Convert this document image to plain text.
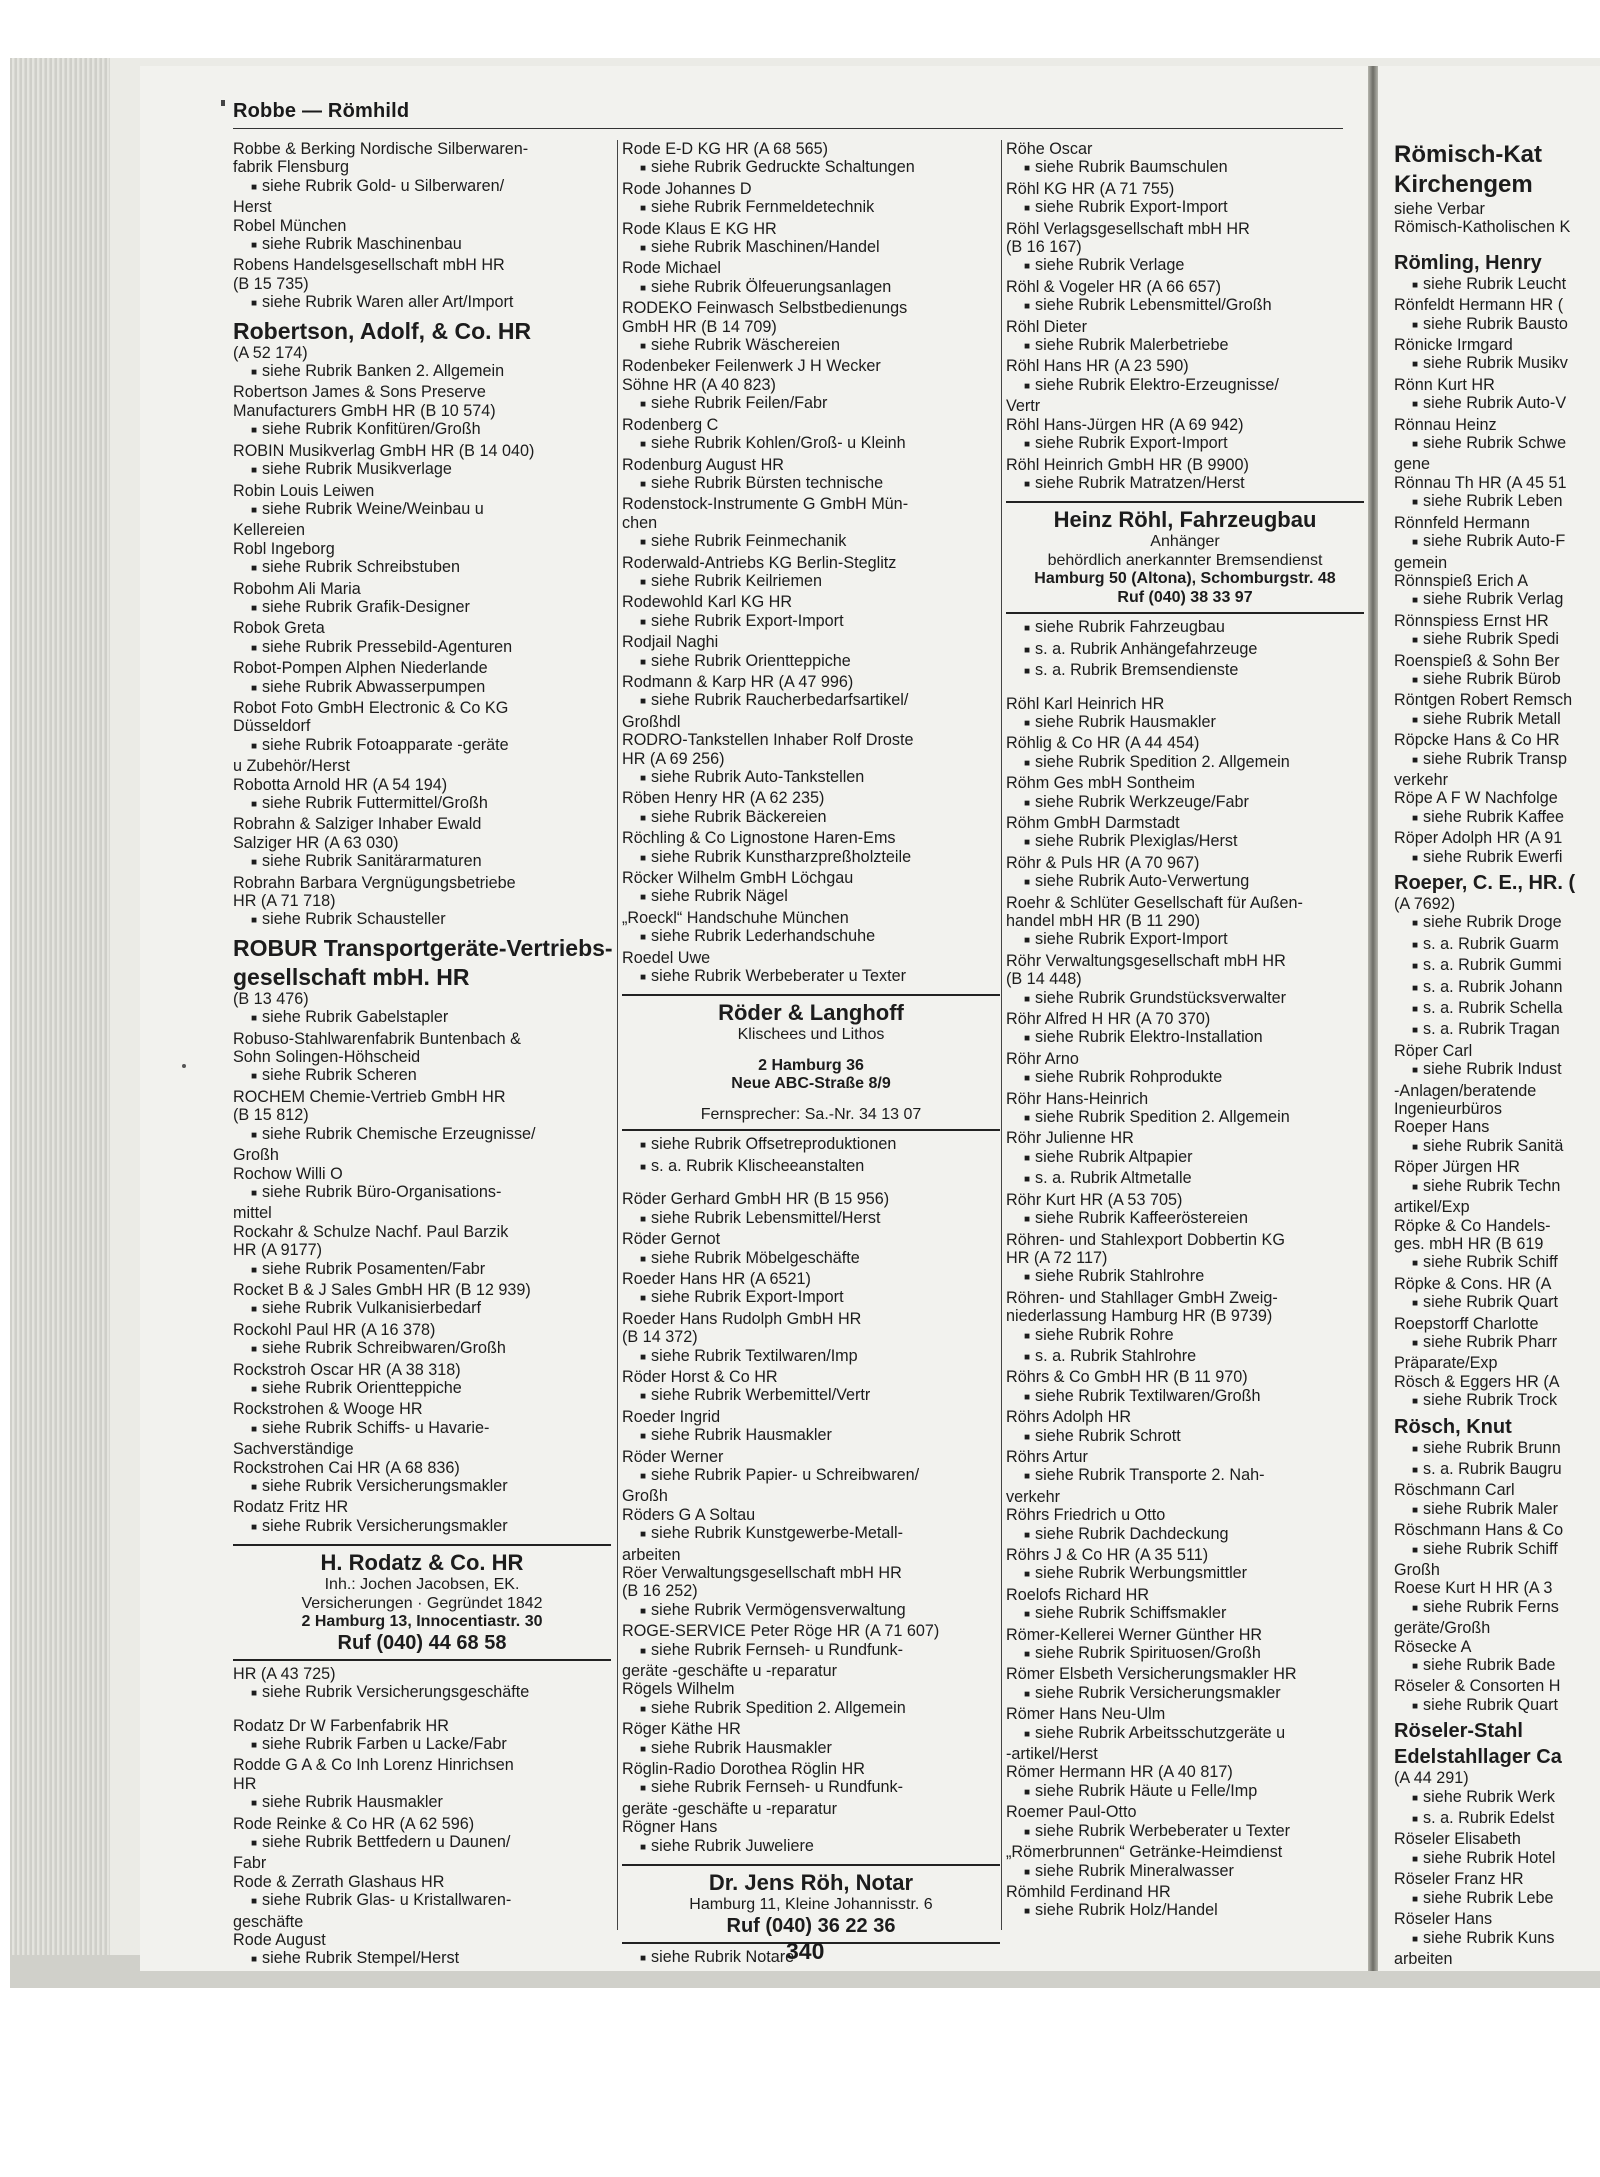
Robbe — Römhild
Robbe & Berking Nordische Silberwaren-
fabrik Flensburg
■ siehe Rubrik Gold- u Silberwaren/
Herst
Robel München
■ siehe Rubrik Maschinenbau
Robens Handelsgesellschaft mbH HR
(B 15 735)
■ siehe Rubrik Waren aller Art/Import
Robertson, Adolf, & Co. HR
(A 52 174)
■ siehe Rubrik Banken 2. Allgemein
Robertson James & Sons Preserve
Manufacturers GmbH HR (B 10 574)
■ siehe Rubrik Konfitüren/Großh
ROBIN Musikverlag GmbH HR (B 14 040)
■ siehe Rubrik Musikverlage
Robin Louis Leiwen
■ siehe Rubrik Weine/Weinbau u
Kellereien
Robl Ingeborg
■ siehe Rubrik Schreibstuben
Robohm Ali Maria
■ siehe Rubrik Grafik-Designer
Robok Greta
■ siehe Rubrik Pressebild-Agenturen
Robot-Pompen Alphen Niederlande
■ siehe Rubrik Abwasserpumpen
Robot Foto GmbH Electronic & Co KG
Düsseldorf
■ siehe Rubrik Fotoapparate -geräte
u Zubehör/Herst
Robotta Arnold HR (A 54 194)
■ siehe Rubrik Futtermittel/Großh
Robrahn & Salziger Inhaber Ewald
Salziger HR (A 63 030)
■ siehe Rubrik Sanitärarmaturen
Robrahn Barbara Vergnügungsbetriebe
HR (A 71 718)
■ siehe Rubrik Schausteller
ROBUR Transportgeräte-Vertriebs-
gesellschaft mbH. HR
(B 13 476)
■ siehe Rubrik Gabelstapler
Robuso-Stahlwarenfabrik Buntenbach &
Sohn Solingen-Höhscheid
■ siehe Rubrik Scheren
ROCHEM Chemie-Vertrieb GmbH HR
(B 15 812)
■ siehe Rubrik Chemische Erzeugnisse/
Großh
Rochow Willi O
■ siehe Rubrik Büro-Organisations-
mittel
Rockahr & Schulze Nachf. Paul Barzik
HR (A 9177)
■ siehe Rubrik Posamenten/Fabr
Rocket B & J Sales GmbH HR (B 12 939)
■ siehe Rubrik Vulkanisierbedarf
Rockohl Paul HR (A 16 378)
■ siehe Rubrik Schreibwaren/Großh
Rockstroh Oscar HR (A 38 318)
■ siehe Rubrik Orientteppiche
Rockstrohen & Wooge HR
■ siehe Rubrik Schiffs- u Havarie-
Sachverständige
Rockstrohen Cai HR (A 68 836)
■ siehe Rubrik Versicherungsmakler
Rodatz Fritz HR
■ siehe Rubrik Versicherungsmakler
H. Rodatz & Co. HR
Inh.: Jochen Jacobsen, EK.
Versicherungen · Gegründet 1842
2 Hamburg 13, Innocentiastr. 30
Ruf (040) 44 68 58
HR (A 43 725)
■ siehe Rubrik Versicherungsgeschäfte
Rodatz Dr W Farbenfabrik HR
■ siehe Rubrik Farben u Lacke/Fabr
Rodde G A & Co Inh Lorenz Hinrichsen
HR
■ siehe Rubrik Hausmakler
Rode Reinke & Co HR (A 62 596)
■ siehe Rubrik Bettfedern u Daunen/
Fabr
Rode & Zerrath Glashaus HR
■ siehe Rubrik Glas- u Kristallwaren-
geschäfte
Rode August
■ siehe Rubrik Stempel/Herst
Rode E-D KG HR (A 68 565)
■ siehe Rubrik Gedruckte Schaltungen
Rode Johannes D
■ siehe Rubrik Fernmeldetechnik
Rode Klaus E KG HR
■ siehe Rubrik Maschinen/Handel
Rode Michael
■ siehe Rubrik Ölfeuerungsanlagen
RODEKO Feinwasch Selbstbedienungs
GmbH HR (B 14 709)
■ siehe Rubrik Wäschereien
Rodenbeker Feilenwerk J H Wecker
Söhne HR (A 40 823)
■ siehe Rubrik Feilen/Fabr
Rodenberg C
■ siehe Rubrik Kohlen/Groß- u Kleinh
Rodenburg August HR
■ siehe Rubrik Bürsten technische
Rodenstock-Instrumente G GmbH Mün-
chen
■ siehe Rubrik Feinmechanik
Roderwald-Antriebs KG Berlin-Steglitz
■ siehe Rubrik Keilriemen
Rodewohld Karl KG HR
■ siehe Rubrik Export-Import
Rodjail Naghi
■ siehe Rubrik Orientteppiche
Rodmann & Karp HR (A 47 996)
■ siehe Rubrik Raucherbedarfsartikel/
Großhdl
RODRO-Tankstellen Inhaber Rolf Droste
HR (A 69 256)
■ siehe Rubrik Auto-Tankstellen
Röben Henry HR (A 62 235)
■ siehe Rubrik Bäckereien
Röchling & Co Lignostone Haren-Ems
■ siehe Rubrik Kunstharzpreßholzteile
Röcker Wilhelm GmbH Löchgau
■ siehe Rubrik Nägel
„Roeckl“ Handschuhe München
■ siehe Rubrik Lederhandschuhe
Roedel Uwe
■ siehe Rubrik Werbeberater u Texter
Röder & Langhoff
Klischees und Lithos
2 Hamburg 36
Neue ABC-Straße 8/9
Fernsprecher: Sa.-Nr. 34 13 07
■ siehe Rubrik Offsetreproduktionen
■ s. a. Rubrik Klischeeanstalten
Röder Gerhard GmbH HR (B 15 956)
■ siehe Rubrik Lebensmittel/Herst
Röder Gernot
■ siehe Rubrik Möbelgeschäfte
Roeder Hans HR (A 6521)
■ siehe Rubrik Export-Import
Roeder Hans Rudolph GmbH HR
(B 14 372)
■ siehe Rubrik Textilwaren/Imp
Röder Horst & Co HR
■ siehe Rubrik Werbemittel/Vertr
Roeder Ingrid
■ siehe Rubrik Hausmakler
Röder Werner
■ siehe Rubrik Papier- u Schreibwaren/
Großh
Röders G A Soltau
■ siehe Rubrik Kunstgewerbe-Metall-
arbeiten
Röer Verwaltungsgesellschaft mbH HR
(B 16 252)
■ siehe Rubrik Vermögensverwaltung
ROGE-SERVICE Peter Röge HR (A 71 607)
■ siehe Rubrik Fernseh- u Rundfunk-
geräte -geschäfte u -reparatur
Rögels Wilhelm
■ siehe Rubrik Spedition 2. Allgemein
Röger Käthe HR
■ siehe Rubrik Hausmakler
Röglin-Radio Dorothea Röglin HR
■ siehe Rubrik Fernseh- u Rundfunk-
geräte -geschäfte u -reparatur
Rögner Hans
■ siehe Rubrik Juweliere
Dr. Jens Röh, Notar
Hamburg 11, Kleine Johannisstr. 6
Ruf (040) 36 22 36
■ siehe Rubrik Notare
Röhe Oscar
■ siehe Rubrik Baumschulen
Röhl KG HR (A 71 755)
■ siehe Rubrik Export-Import
Röhl Verlagsgesellschaft mbH HR
(B 16 167)
■ siehe Rubrik Verlage
Röhl & Vogeler HR (A 66 657)
■ siehe Rubrik Lebensmittel/Großh
Röhl Dieter
■ siehe Rubrik Malerbetriebe
Röhl Hans HR (A 23 590)
■ siehe Rubrik Elektro-Erzeugnisse/
Vertr
Röhl Hans-Jürgen HR (A 69 942)
■ siehe Rubrik Export-Import
Röhl Heinrich GmbH HR (B 9900)
■ siehe Rubrik Matratzen/Herst
Heinz Röhl, Fahrzeugbau
Anhänger
behördlich anerkannter Bremsendienst
Hamburg 50 (Altona), Schomburgstr. 48
Ruf (040) 38 33 97
■ siehe Rubrik Fahrzeugbau
■ s. a. Rubrik Anhängefahrzeuge
■ s. a. Rubrik Bremsendienste
Röhl Karl Heinrich HR
■ siehe Rubrik Hausmakler
Röhlig & Co HR (A 44 454)
■ siehe Rubrik Spedition 2. Allgemein
Röhm Ges mbH Sontheim
■ siehe Rubrik Werkzeuge/Fabr
Röhm GmbH Darmstadt
■ siehe Rubrik Plexiglas/Herst
Röhr & Puls HR (A 70 967)
■ siehe Rubrik Auto-Verwertung
Roehr & Schlüter Gesellschaft für Außen-
handel mbH HR (B 11 290)
■ siehe Rubrik Export-Import
Röhr Verwaltungsgesellschaft mbH HR
(B 14 448)
■ siehe Rubrik Grundstücksverwalter
Röhr Alfred H HR (A 70 370)
■ siehe Rubrik Elektro-Installation
Röhr Arno
■ siehe Rubrik Rohprodukte
Röhr Hans-Heinrich
■ siehe Rubrik Spedition 2. Allgemein
Röhr Julienne HR
■ siehe Rubrik Altpapier
■ s. a. Rubrik Altmetalle
Röhr Kurt HR (A 53 705)
■ siehe Rubrik Kaffeeröstereien
Röhren- und Stahlexport Dobbertin KG
HR (A 72 117)
■ siehe Rubrik Stahlrohre
Röhren- und Stahllager GmbH Zweig-
niederlassung Hamburg HR (B 9739)
■ siehe Rubrik Rohre
■ s. a. Rubrik Stahlrohre
Röhrs & Co GmbH HR (B 11 970)
■ siehe Rubrik Textilwaren/Großh
Röhrs Adolph HR
■ siehe Rubrik Schrott
Röhrs Artur
■ siehe Rubrik Transporte 2. Nah-
verkehr
Röhrs Friedrich u Otto
■ siehe Rubrik Dachdeckung
Röhrs J & Co HR (A 35 511)
■ siehe Rubrik Werbungsmittler
Roelofs Richard HR
■ siehe Rubrik Schiffsmakler
Römer-Kellerei Werner Günther HR
■ siehe Rubrik Spirituosen/Großh
Römer Elsbeth Versicherungsmakler HR
■ siehe Rubrik Versicherungsmakler
Römer Hans Neu-Ulm
■ siehe Rubrik Arbeitsschutzgeräte u
-artikel/Herst
Römer Hermann HR (A 40 817)
■ siehe Rubrik Häute u Felle/Imp
Roemer Paul-Otto
■ siehe Rubrik Werbeberater u Texter
„Römerbrunnen“ Getränke-Heimdienst
■ siehe Rubrik Mineralwasser
Römhild Ferdinand HR
■ siehe Rubrik Holz/Handel
Römisch-Kat
Kirchengem
siehe Verbar
Römisch-Katholischen K
Römling, Henry
■ siehe Rubrik Leucht
Rönfeldt Hermann HR (
■ siehe Rubrik Bausto
Rönicke Irmgard
■ siehe Rubrik Musikv
Rönn Kurt HR
■ siehe Rubrik Auto-V
Rönnau Heinz
■ siehe Rubrik Schwe
gene
Rönnau Th HR (A 45 51
■ siehe Rubrik Leben
Rönnfeld Hermann
■ siehe Rubrik Auto-F
gemein
Rönnspieß Erich A
■ siehe Rubrik Verlag
Rönnspiess Ernst HR
■ siehe Rubrik Spedi
Roenspieß & Sohn Ber
■ siehe Rubrik Bürob
Röntgen Robert Remsch
■ siehe Rubrik Metall
Röpcke Hans & Co HR
■ siehe Rubrik Transp
verkehr
Röpe A F W Nachfolge
■ siehe Rubrik Kaffee
Röper Adolph HR (A 91
■ siehe Rubrik Ewerfi
Roeper, C. E., HR. (
(A 7692)
■ siehe Rubrik Droge
■ s. a. Rubrik Guarm
■ s. a. Rubrik Gummi
■ s. a. Rubrik Johann
■ s. a. Rubrik Schella
■ s. a. Rubrik Tragan
Röper Carl
■ siehe Rubrik Indust
-Anlagen/beratende
Ingenieurbüros
Roeper Hans
■ siehe Rubrik Sanitä
Röper Jürgen HR
■ siehe Rubrik Techn
artikel/Exp
Röpke & Co Handels-
ges. mbH HR (B 619
■ siehe Rubrik Schiff
Röpke & Cons. HR (A
■ siehe Rubrik Quart
Roepstorff Charlotte
■ siehe Rubrik Pharr
Präparate/Exp
Rösch & Eggers HR (A
■ siehe Rubrik Trock
Rösch, Knut
■ siehe Rubrik Brunn
■ s. a. Rubrik Baugru
Röschmann Carl
■ siehe Rubrik Maler
Röschmann Hans & Co
■ siehe Rubrik Schiff
Großh
Roese Kurt H HR (A 3
■ siehe Rubrik Ferns
geräte/Großh
Rösecke A
■ siehe Rubrik Bade
Röseler & Consorten H
■ siehe Rubrik Quart
Röseler-Stahl
Edelstahllager Ca
(A 44 291)
■ siehe Rubrik Werk
■ s. a. Rubrik Edelst
Röseler Elisabeth
■ siehe Rubrik Hotel
Röseler Franz HR
■ siehe Rubrik Lebe
Röseler Hans
■ siehe Rubrik Kuns
arbeiten
340
